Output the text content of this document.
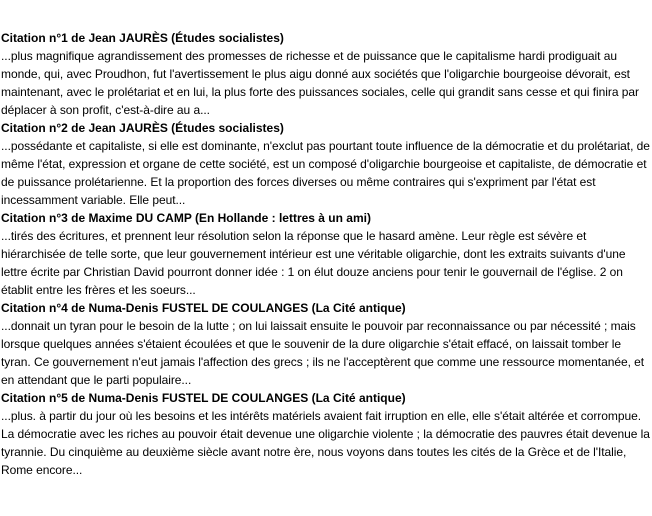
Citation n°1 de Jean JAURÈS (Études socialistes)
...plus magnifique agrandissement des promesses de richesse et de puissance que le capitalisme hardi prodiguait au monde, qui, avec Proudhon, fut l'avertissement le plus aigu donné aux sociétés que l'oligarchie bourgeoise dévorait, est maintenant, avec le prolétariat et en lui, la plus forte des puissances sociales, celle qui grandit sans cesse et qui finira par déplacer à son profit, c'est-à-dire au a...
Citation n°2 de Jean JAURÈS (Études socialistes)
...possédante et capitaliste, si elle est dominante, n'exclut pas pourtant toute influence de la démocratie et du prolétariat, de même l'état, expression et organe de cette société, est un composé d'oligarchie bourgeoise et capitaliste, de démocratie et de puissance prolétarienne. Et la proportion des forces diverses ou même contraires qui s'expriment par l'état est incessamment variable. Elle peut...
Citation n°3 de Maxime DU CAMP (En Hollande : lettres à un ami)
...tirés des écritures, et prennent leur résolution selon la réponse que le hasard amène. Leur règle est sévère et hiérarchisée de telle sorte, que leur gouvernement intérieur est une véritable oligarchie, dont les extraits suivants d'une lettre écrite par Christian David pourront donner idée : 1 on élut douze anciens pour tenir le gouvernail de l'église. 2 on établit entre les frères et les soeurs...
Citation n°4 de Numa-Denis FUSTEL DE COULANGES (La Cité antique)
...donnait un tyran pour le besoin de la lutte ; on lui laissait ensuite le pouvoir par reconnaissance ou par nécessité ; mais lorsque quelques années s'étaient écoulées et que le souvenir de la dure oligarchie s'était effacé, on laissait tomber le tyran. Ce gouvernement n'eut jamais l'affection des grecs ; ils ne l'acceptèrent que comme une ressource momentanée, et en attendant que le parti populaire...
Citation n°5 de Numa-Denis FUSTEL DE COULANGES (La Cité antique)
...plus. à partir du jour où les besoins et les intérêts matériels avaient fait irruption en elle, elle s'était altérée et corrompue. La démocratie avec les riches au pouvoir était devenue une oligarchie violente ; la démocratie des pauvres était devenue la tyrannie. Du cinquième au deuxième siècle avant notre ère, nous voyons dans toutes les cités de la Grèce et de l'Italie, Rome encore...
